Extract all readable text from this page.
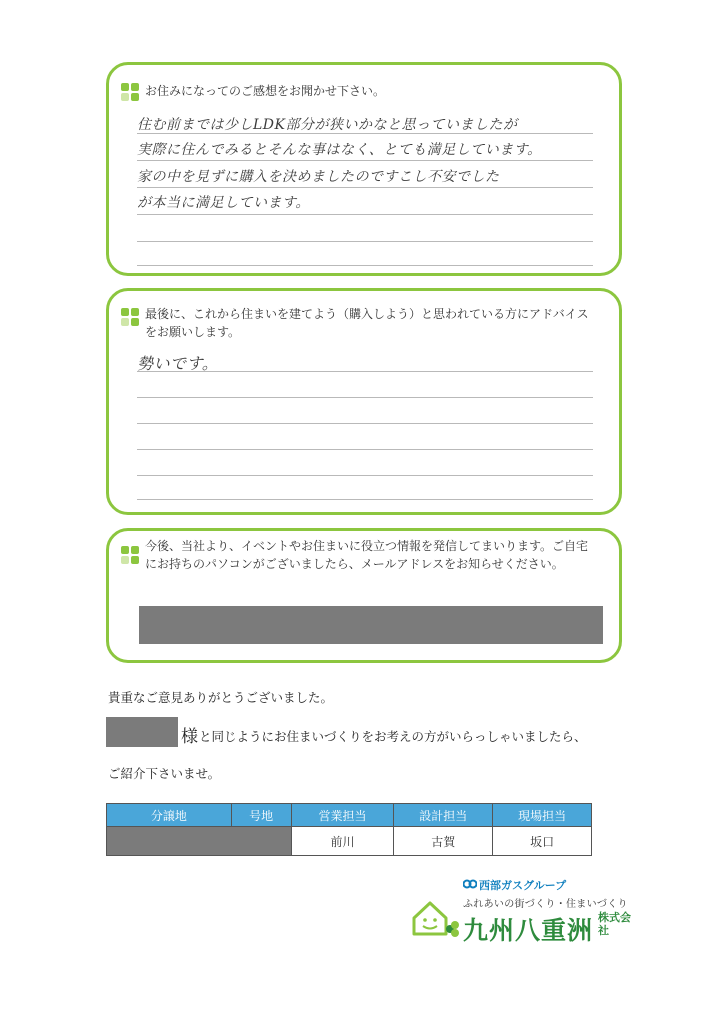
お住みになってのご感想をお聞かせ下さい。
住む前までは少しLDK部分が狭いかなと思っていましたが
実際に住んでみるとそんな事はなく、とても満足しています。
家の中を見ずに購入を決めましたのですこし不安でした
が本当に満足しています。
最後に、これから住まいを建てよう（購入しよう）と思われている方にアドバイスをお願いします。
勢いです。
今後、当社より、イベントやお住まいに役立つ情報を発信してまいります。ご自宅にお持ちのパソコンがございましたら、メールアドレスをお知らせください。
貴重なご意見ありがとうございました。
様 と同じようにお住まいづくりをお考えの方がいらっしゃいましたら、
ご紹介下さいませ。
分譲地	号地	営業担当	設計担当	現場担当
		前川	古賀	坂口
西部ガスグループ
ふれあいの街づくり・住まいづくり
九州八重洲 株式会社
